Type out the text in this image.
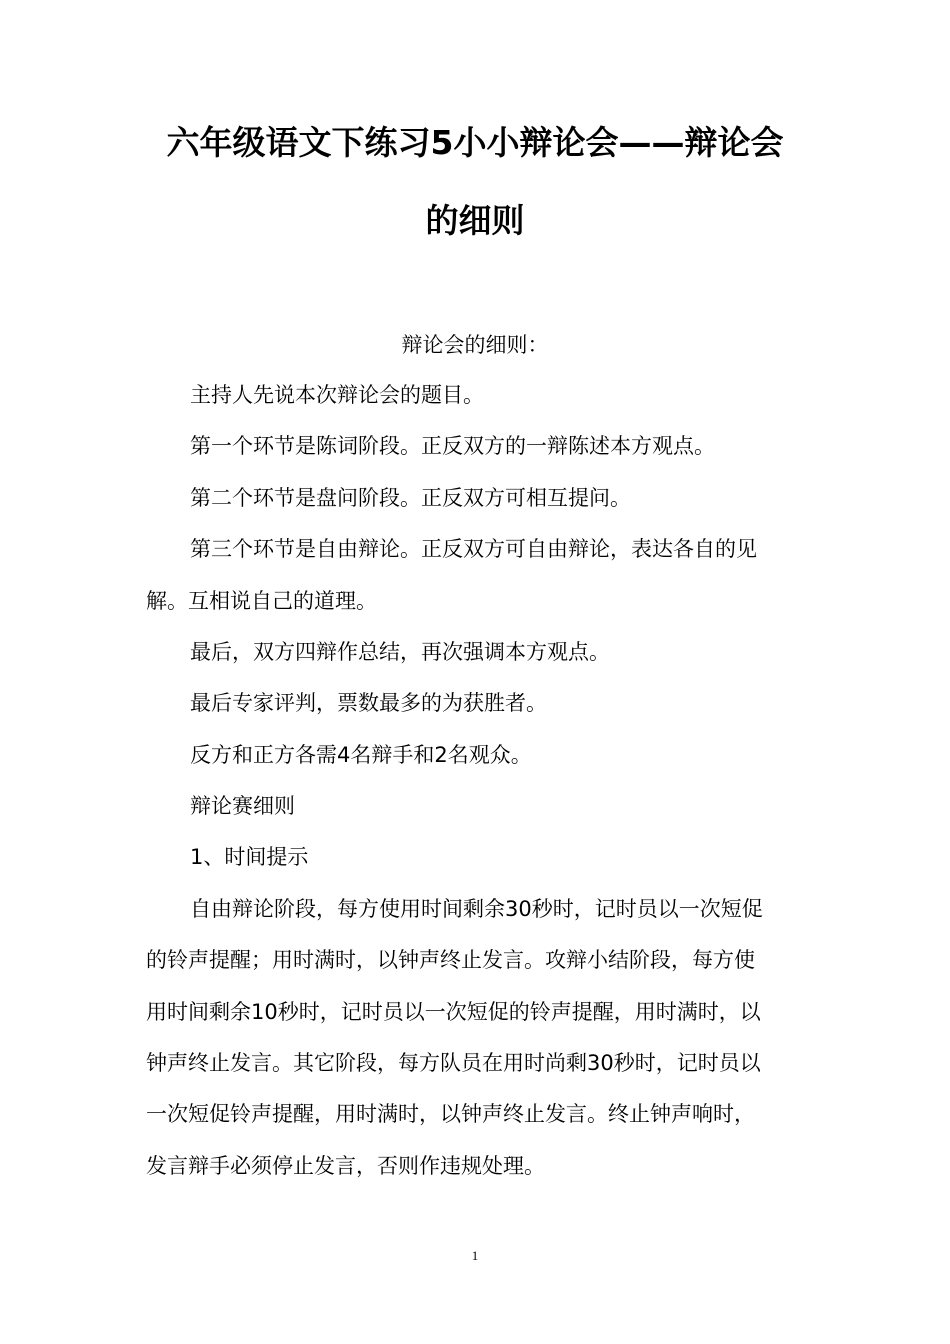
六年级语文下练习5小小辩论会——辩论会
的细则
辩论会的细则：
主持人先说本次辩论会的题目。
第一个环节是陈词阶段。正反双方的一辩陈述本方观点。
第二个环节是盘问阶段。正反双方可相互提问。
第三个环节是自由辩论。正反双方可自由辩论，表达各自的见
解。互相说自己的道理。
最后，双方四辩作总结，再次强调本方观点。
最后专家评判，票数最多的为获胜者。
反方和正方各需4名辩手和2名观众。
辩论赛细则
1、时间提示
自由辩论阶段，每方使用时间剩余30秒时，记时员以一次短促
的铃声提醒；用时满时，以钟声终止发言。攻辩小结阶段，每方使
用时间剩余10秒时，记时员以一次短促的铃声提醒，用时满时，以
钟声终止发言。其它阶段，每方队员在用时尚剩30秒时，记时员以
一次短促铃声提醒，用时满时，以钟声终止发言。终止钟声响时，
发言辩手必须停止发言，否则作违规处理。
1
